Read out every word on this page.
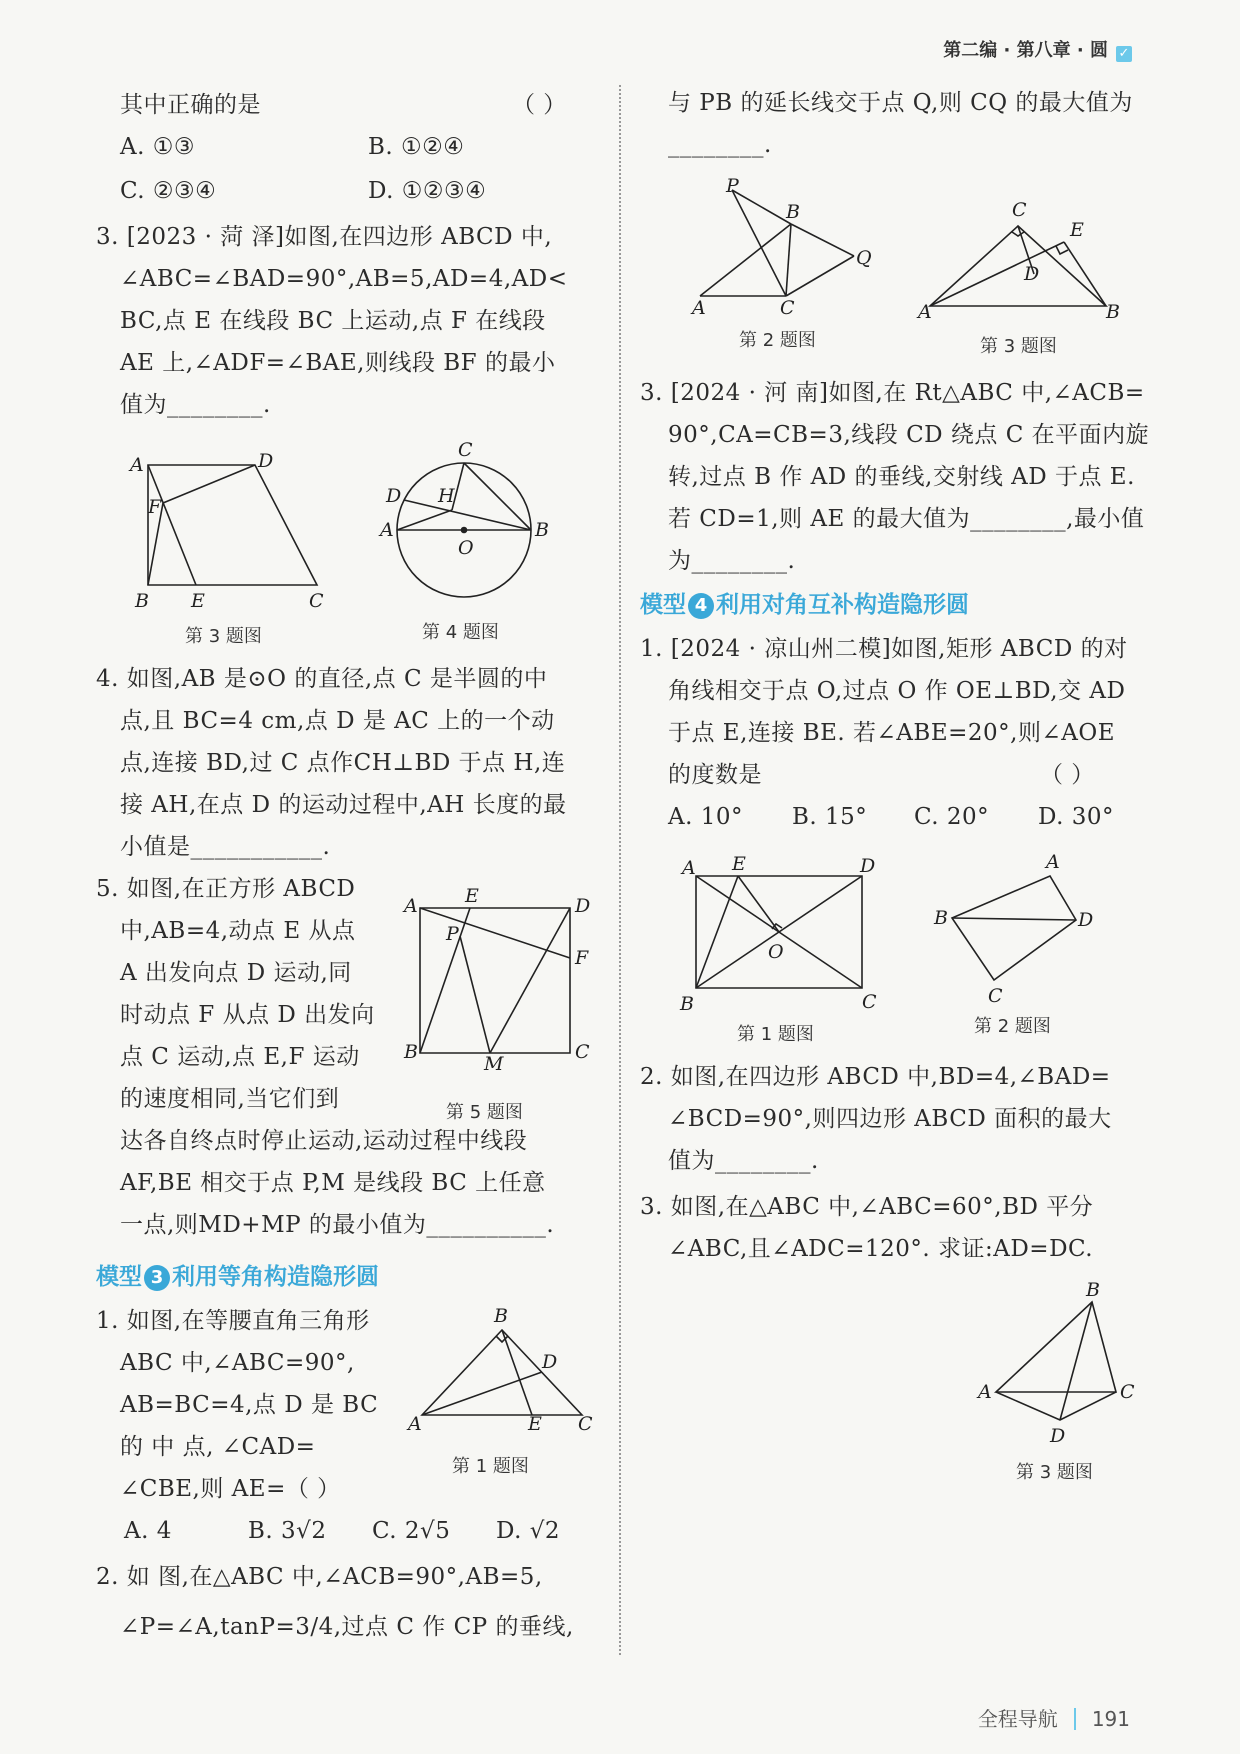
第二编 · 第八章 · 圆 ✓
其中正确的是	（ ）
A. ①③	B. ①②④
C. ②③④	D. ①②③④
3. [2023 · 菏 泽]如图,在四边形 ABCD 中,
∠ABC=∠BAD=90°,AB=5,AD=4,AD<
BC,点 E 在线段 BC 上运动,点 F 在线段
AE 上,∠ADF=∠BAE,则线段 BF 的最小
值为________.
A	D
F
B E	C
第 3 题图
C
D H
A	B
O
第 4 题图
4. 如图,AB 是⊙O 的直径,点 C 是半圆的中
点,且 BC=4 cm,点 D 是 AC 上的一个动
点,连接 BD,过 C 点作CH⊥BD 于点 H,连
接 AH,在点 D 的运动过程中,AH 长度的最
小值是___________.
5. 如图,在正方形 ABCD
中,AB=4,动点 E 从点
A 出发向点 D 运动,同
时动点 F 从点 D 出发向
点 C 运动,点 E,F 运动
的速度相同,当它们到
达各自终点时停止运动,运动过程中线段
AF,BE 相交于点 P,M 是线段 BC 上任意
一点,则MD+MP 的最小值为__________.
A E	D
P
F
B
M
C
第 5 题图
模型 3 利用等角构造隐形圆
1. 如图,在等腰直角三角形
ABC 中,∠ABC=90°,
AB=BC=4,点 D 是 BC
的 中 点, ∠CAD=
∠CBE,则 AE=（ ）
B
D
A	E C
第 1 题图
A. 4	B. 3√2 C. 2√5 D. √2
2. 如 图,在△ABC 中,∠ACB=90°,AB=5,
∠P=∠A,tanP=3/4,过点 C 作 CP 的垂线,
与 PB 的延长线交于点 Q,则 CQ 的最大值为
________.
P
B
Q
A	C
第 2 题图
C
E
D
A	B
第 3 题图
3. [2024 · 河 南]如图,在 Rt△ABC 中,∠ACB=
90°,CA=CB=3,线段 CD 绕点 C 在平面内旋
转,过点 B 作 AD 的垂线,交射线 AD 于点 E.
若 CD=1,则 AE 的最大值为________,最小值
为________.
模型 4 利用对角互补构造隐形圆
1. [2024 · 凉山州二模]如图,矩形 ABCD 的对
角线相交于点 O,过点 O 作 OE⊥BD,交 AD
于点 E,连接 BE. 若∠ABE=20°,则∠AOE
的度数是	（ ）
A. 10° B. 15° C. 20° D. 30°
A E	D
O
B	C
第 1 题图
A
B	D
C
第 2 题图
2. 如图,在四边形 ABCD 中,BD=4,∠BAD=
∠BCD=90°,则四边形 ABCD 面积的最大
值为________.
3. 如图,在△ABC 中,∠ABC=60°,BD 平分
∠ABC,且∠ADC=120°. 求证:AD=DC.
B
A	C
D
第 3 题图
全程导航 191
